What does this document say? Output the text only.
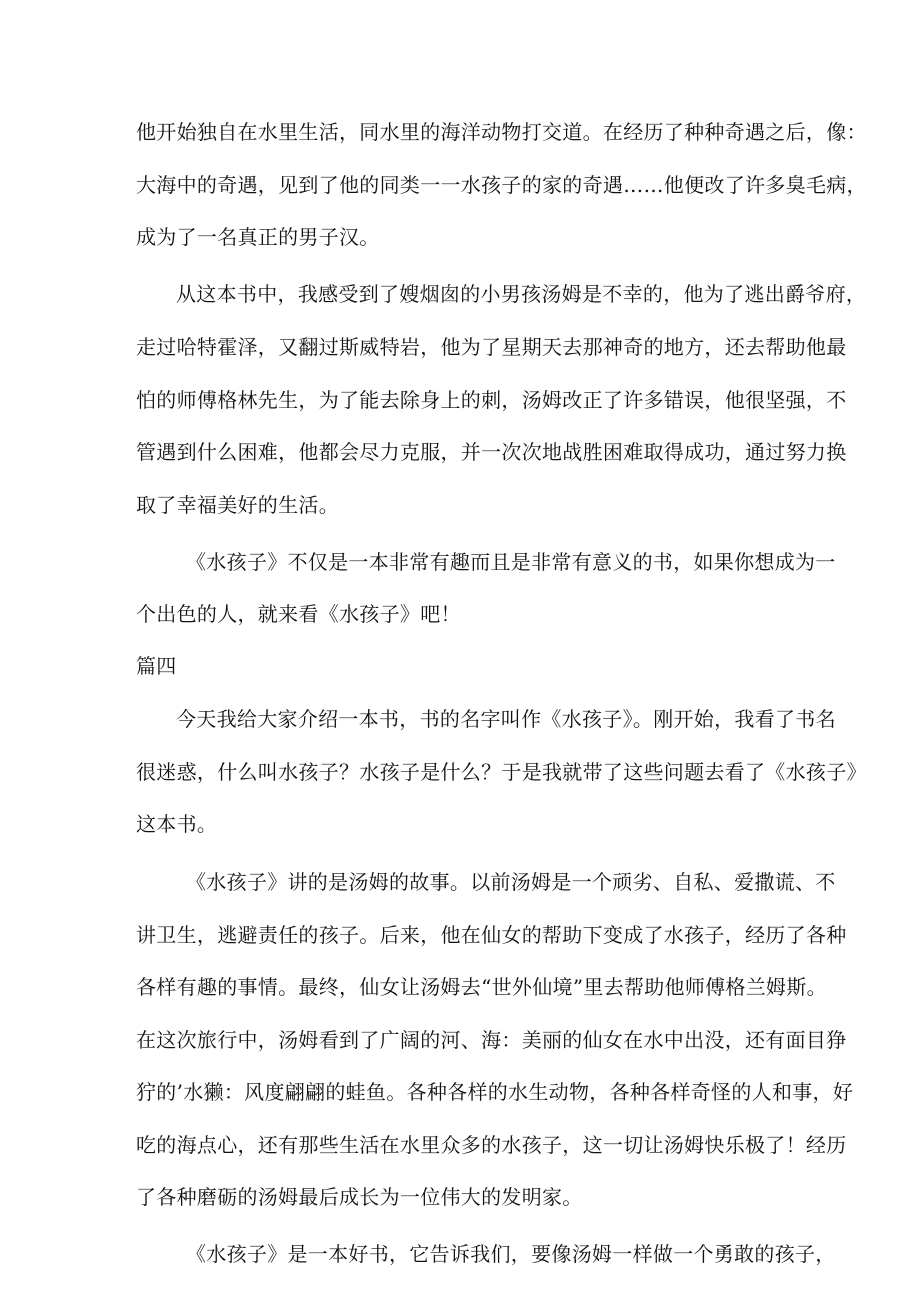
他开始独自在水里生活，同水里的海洋动物打交道。在经历了种种奇遇之后，像：
大海中的奇遇，见到了他的同类一一水孩子的家的奇遇……他便改了许多臭毛病，
成为了一名真正的男子汉。
从这本书中，我感受到了嫂烟囱的小男孩汤姆是不幸的，他为了逃出爵爷府，
走过哈特霍泽，又翻过斯威特岩，他为了星期天去那神奇的地方，还去帮助他最
怕的师傅格林先生，为了能去除身上的刺，汤姆改正了许多错误，他很坚强，不
管遇到什么困难，他都会尽力克服，并一次次地战胜困难取得成功，通过努力换
取了幸福美好的生活。
《水孩子》不仅是一本非常有趣而且是非常有意义的书，如果你想成为一
个出色的人，就来看《水孩子》吧！
篇四
今天我给大家介绍一本书，书的名字叫作《水孩子》。刚开始，我看了书名
很迷惑，什么叫水孩子？水孩子是什么？于是我就带了这些问题去看了《水孩子》
这本书。
《水孩子》讲的是汤姆的故事。以前汤姆是一个顽劣、自私、爱撒谎、不
讲卫生，逃避责任的孩子。后来，他在仙女的帮助下变成了水孩子，经历了各种
各样有趣的事情。最终，仙女让汤姆去“世外仙境”里去帮助他师傅格兰姆斯。
在这次旅行中，汤姆看到了广阔的河、海：美丽的仙女在水中出没，还有面目狰
狞的’水獭：风度翩翩的蛙鱼。各种各样的水生动物，各种各样奇怪的人和事，好
吃的海点心，还有那些生活在水里众多的水孩子，这一切让汤姆快乐极了！经历
了各种磨砺的汤姆最后成长为一位伟大的发明家。
《水孩子》是一本好书，它告诉我们，要像汤姆一样做一个勇敢的孩子，
